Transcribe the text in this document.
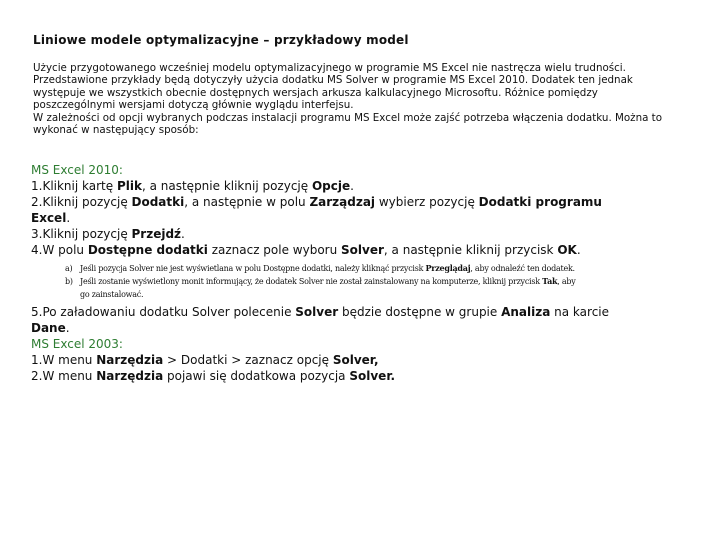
Liniowe modele optymalizacyjne – przykładowy model

Użycie przygotowanego wcześniej modelu optymalizacyjnego w programie MS Excel nie nastręcza wielu trudności.

Przedstawione przykłady będą dotyczyły użycia dodatku MS Solver w programie MS Excel 2010. Dodatek ten jednak występuje we wszystkich obecnie dostępnych wersjach arkusza kalkulacyjnego Microsoftu. Różnice pomiędzy poszczególnymi wersjami dotyczą głównie wyglądu interfejsu.

W zależności od opcji wybranych podczas instalacji programu MS Excel może zajść potrzeba włączenia dodatku. Można to wykonać w następujący sposób:

MS Excel 2010:

1.Kliknij kartę Plik, a następnie kliknij pozycję Opcje.

2.Kliknij pozycję Dodatki, a następnie w polu Zarządzaj wybierz pozycję Dodatki programu

Excel.

3.Kliknij pozycję Przejdź.

4.W polu Dostępne dodatki zaznacz pole wyboru Solver, a następnie kliknij przycisk OK.

a) Jeśli pozycja Solver nie jest wyświetlana w polu Dostępne dodatki, należy kliknąć przycisk Przeglądaj, aby odnaleźć ten dodatek.
b) Jeśli zostanie wyświetlony monit informujący, że dodatek Solver nie został zainstalowany na komputerze, kliknij przycisk Tak, aby
go zainstalować.

5.Po załadowaniu dodatku Solver polecenie Solver będzie dostępne w grupie Analiza na karcie

Dane.

MS Excel 2003:

1.W menu Narzędzia > Dodatki > zaznacz opcję Solver,

2.W menu Narzędzia pojawi się dodatkowa pozycja Solver.
